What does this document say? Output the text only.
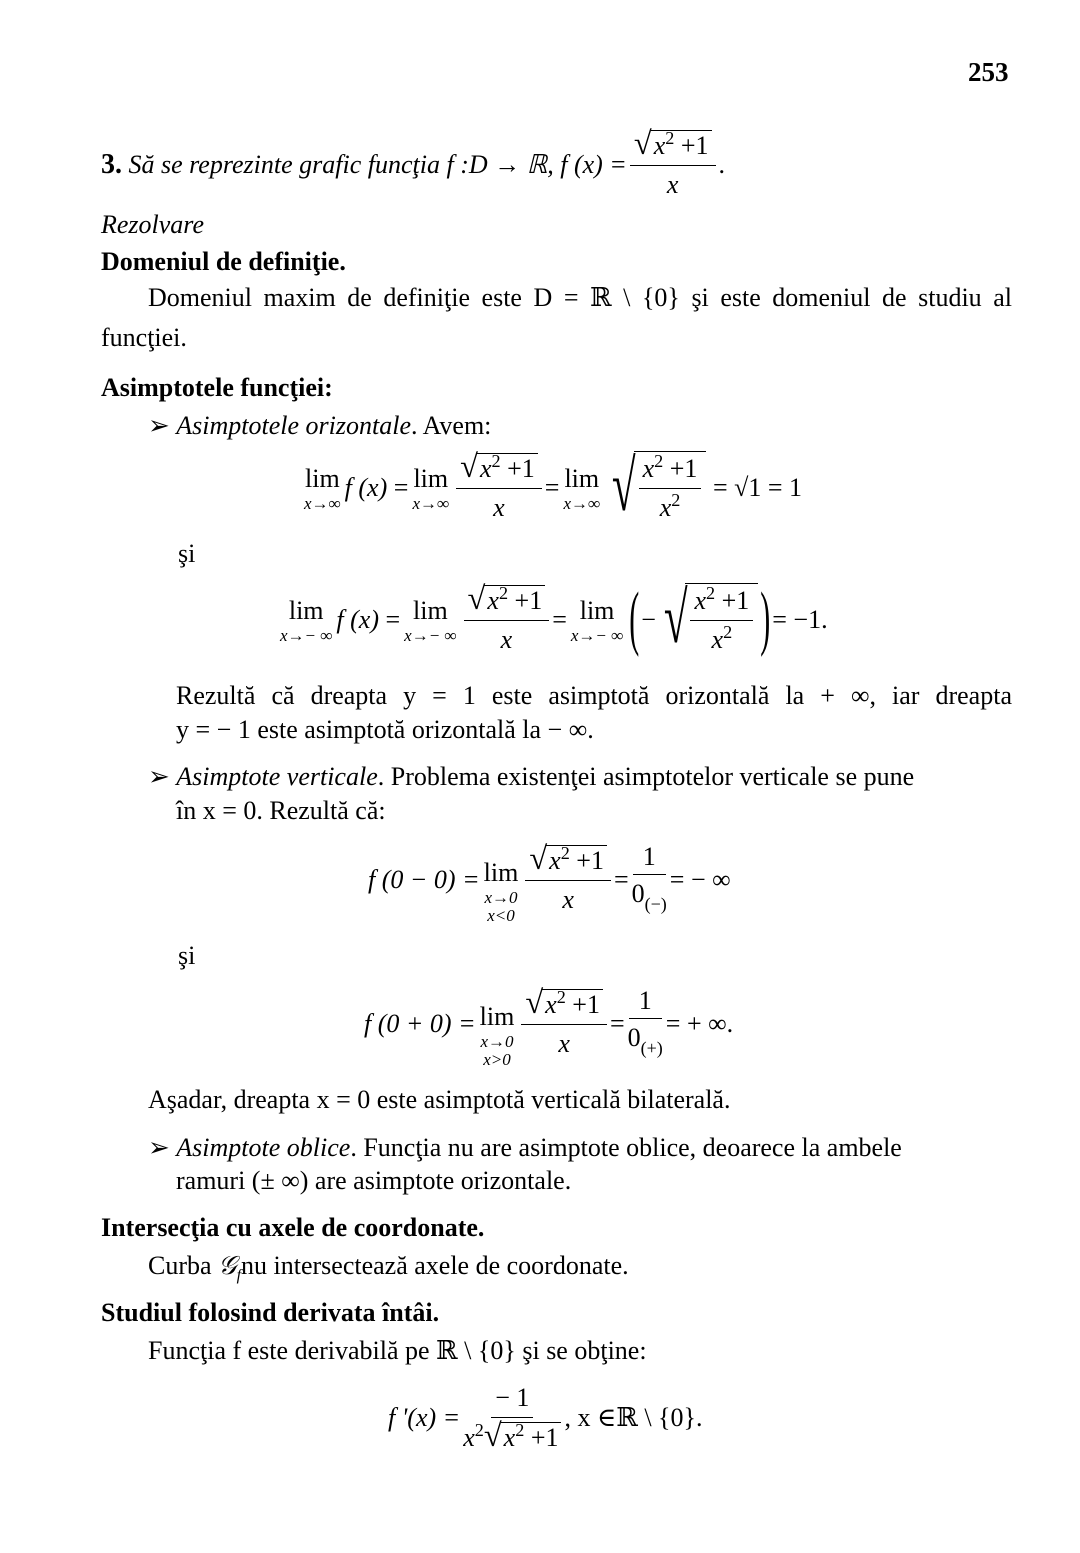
253
3.
Să se reprezinte grafic funcţia
f :D → ℝ,
f $(x) = \frac{√ x^2 +1}{x}$ .
Rezolvare
Domeniul de definiţie.
Domeniul maxim de definiţie este D = ℝ \ {0} şi este domeniul de studiu al
funcţiei.
Asimptotele funcţiei:
➢ Asimptotele orizontale. Avem:
lim
x→∞
f (x)
= lim
$x\to\infty \frac{√ x^2 +1}{x} = \lim$
x→∞ √ $\frac{x^2 +1}{x^2}$
=
√1 = 1
şi
lim
x→− ∞
f (x)
= lim
x→− ∞ $\frac{√ x^2 +1}{x} = \lim$
x→− ∞ ( − √ $\frac{x^2 +1}{x^2}$ ) = −1.
Rezultă că dreapta y = 1 este asimptotă orizontală la + ∞, iar dreapta
y = − 1 este asimptotă orizontală la − ∞.
➢ Asimptote verticale. Problema existenţei asimptotelor verticale se pune
în x = 0. Rezultă că:
f (0 − 0) = lim
x→0
$x<0 \frac{√ x^2 +1}{x} = \frac{1}{0_{(-)}}$ = − ∞
şi
f (0 + 0) = lim
x→0
$x>0 \frac{√ x^2 +1}{x} = \frac{1}{0_{(+)}}$ = + ∞.
Aşadar, dreapta x = 0 este asimptotă verticală bilaterală.
➢ Asimptote oblice. Funcţia nu are asimptote oblice, deoarece la ambele
ramuri (± ∞) are asimptote orizontale.
Intersecţia cu axele de coordonate.
Curba 𝒢$_f$nu intersectează axele de coordonate.
Studiul folosind derivata întâi.
Funcţia f este derivabilă pe ℝ \ {0} şi se obţine:
f '$(x) = \frac{- 1}{x^2 √ x^2 +1}$ , x ∈ℝ \ {0}.
